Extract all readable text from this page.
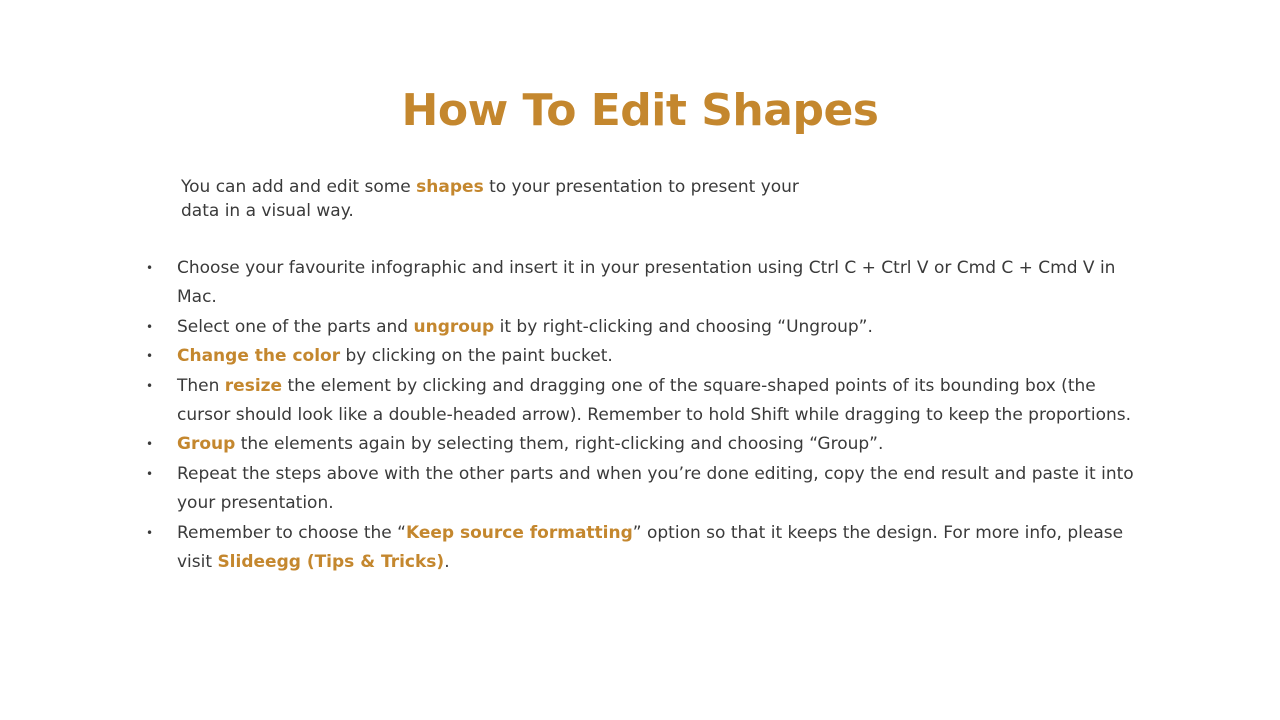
How To Edit Shapes

You can add and edit some shapes to your presentation to present your data in a visual way.

• Choose your favourite infographic and insert it in your presentation using Ctrl C + Ctrl V or Cmd C + Cmd V in Mac.
• Select one of the parts and ungroup it by right-clicking and choosing “Ungroup”.
• Change the color by clicking on the paint bucket.
• Then resize the element by clicking and dragging one of the square-shaped points of its bounding box (the cursor should look like a double-headed arrow). Remember to hold Shift while dragging to keep the proportions.
• Group the elements again by selecting them, right-clicking and choosing “Group”.
• Repeat the steps above with the other parts and when you’re done editing, copy the end result and paste it into your presentation.
• Remember to choose the “Keep source formatting” option so that it keeps the design. For more info, please visit Slideegg (Tips & Tricks).
